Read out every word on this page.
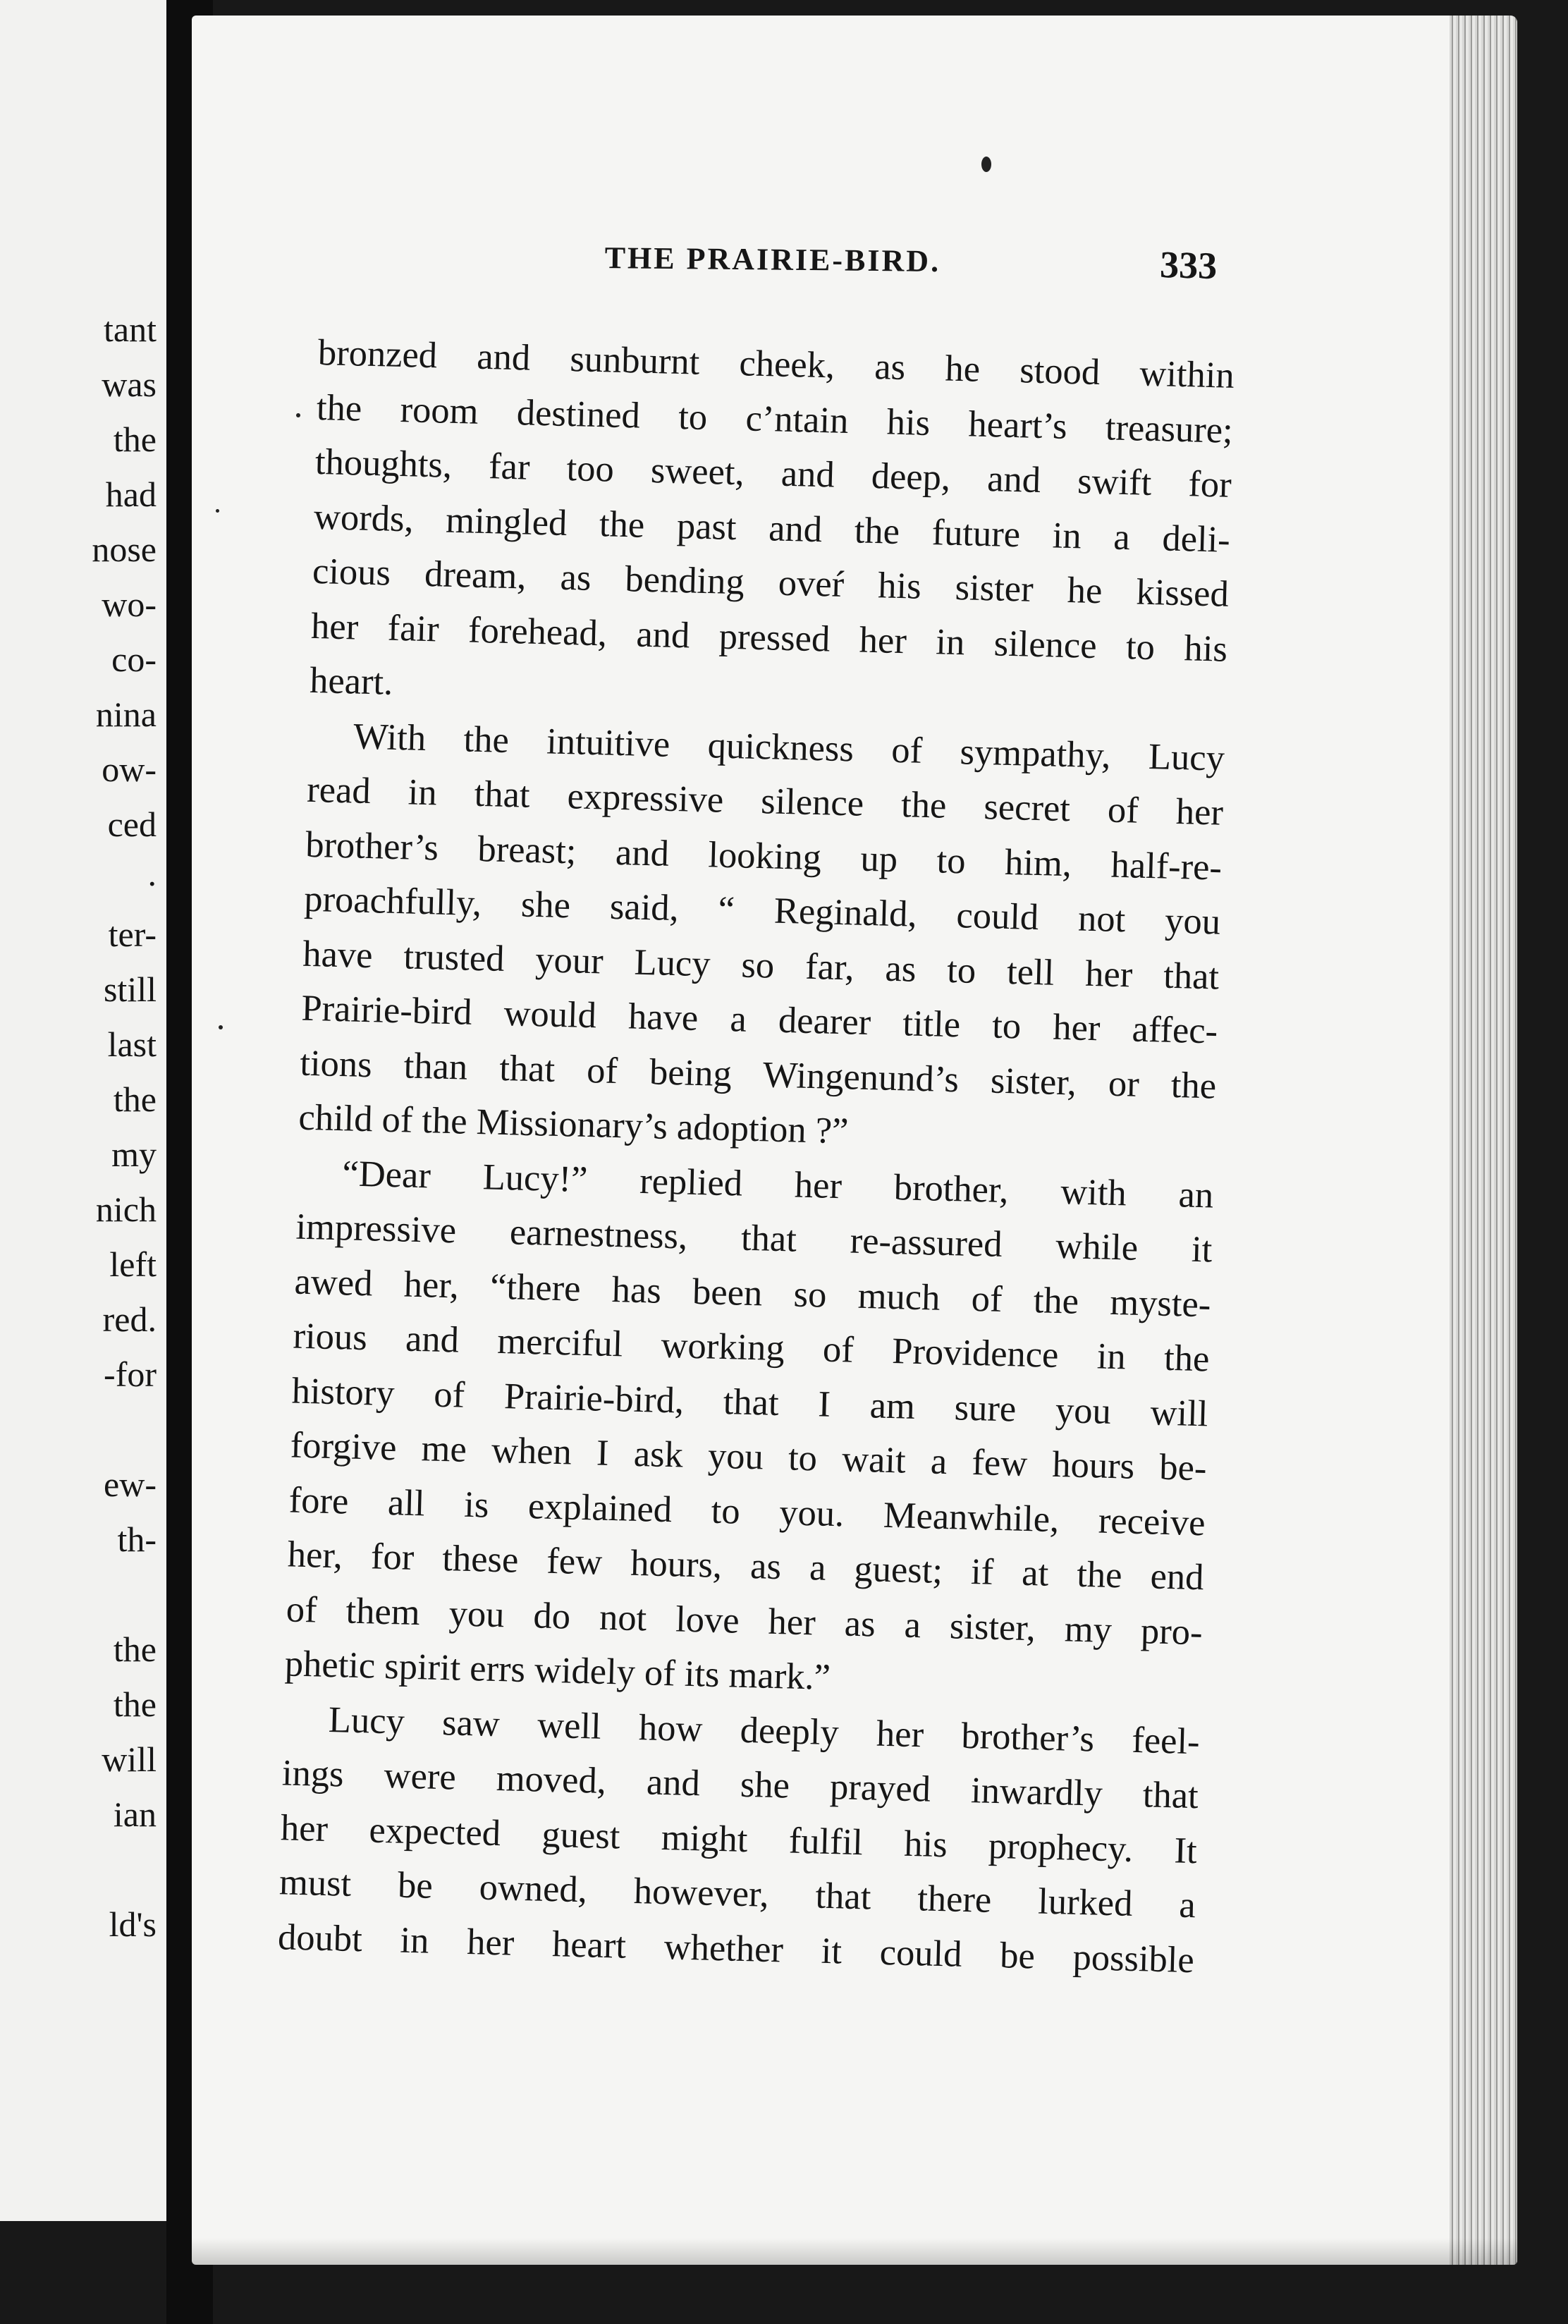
tant
was
the
had
nose
wo-
co-
nina
ow-
ced
.
ter-
still
last
the
my
nich
left
red.
-for
ew-
th-
the
the
will
ian
ld's
THE PRAIRIE-BIRD.	333
bronzed and sunburnt cheek, as he stood within
the room destined to c’ntain his heart’s treasure;
thoughts, far too sweet, and deep, and swift for
words, mingled the past and the future in a deli-
cious dream, as bending ovеŕ his sister he kissed
her fair forehead, and pressed her in silence to his
heart.
With the intuitive quickness of sympathy, Lucy
read in that expressive silence the secret of her
brother’s breast; and looking up to him, half-re-
proachfully, she said, “ Reginald, could not you
have trusted your Lucy so far, as to tell her that
Prairie-bird would have a dearer title to her affec-
tions than that of being Wingenund’s sister, or the
child of the Missionary’s adoption ?”
“Dear Lucy!” replied her brother, with an
impressive earnestness, that re-assured while it
awed her, “there has been so much of the myste-
rious and merciful working of Providence in the
history of Prairie-bird, that I am sure you will
forgive me when I ask you to wait a few hours be-
fore all is explained to you. Meanwhile, receive
her, for these few hours, as a guest; if at the end
of them you do not love her as a sister, my pro-
phetic spirit errs widely of its mark.”
Lucy saw well how deeply her brother’s feel-
ings were moved, and she prayed inwardly that
her expected guest might fulfil his prophecy. It
must be owned, however, that there lurked a
doubt in her heart whether it could be possible
